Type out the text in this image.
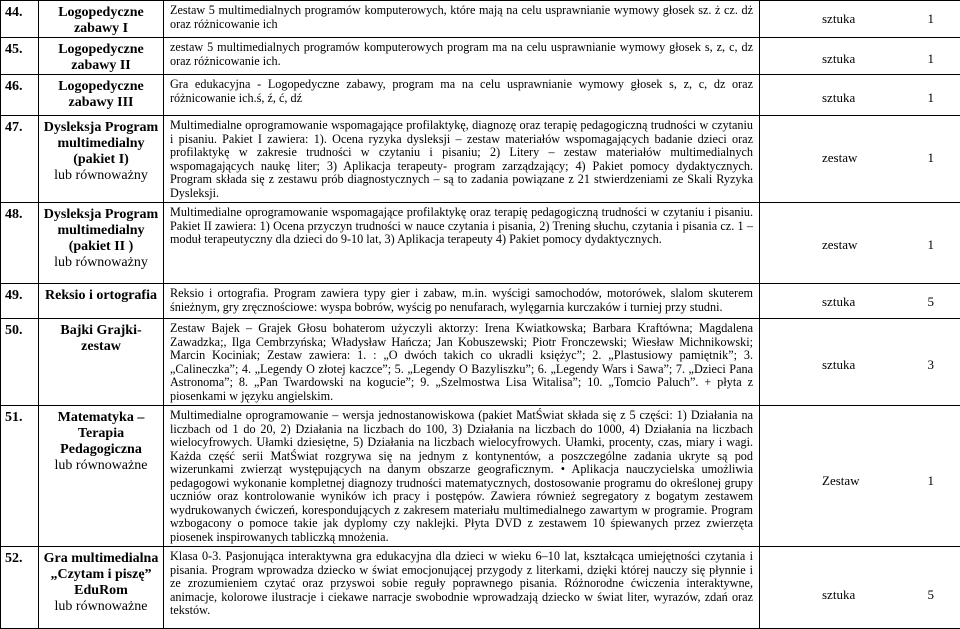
44.	Logopedyczne zabawy I	Zestaw 5 multimedialnych programów komputerowych, które mają na celu usprawnianie wymowy głosek sz. ż cz. dż oraz różnicowanie ich	sztuka 1

45.	Logopedyczne zabawy II	zestaw 5 multimedialnych programów komputerowych program ma na celu usprawnianie wymowy głosek s, z, c, dz oraz różnicowanie ich.	sztuka 1

46.	Logopedyczne zabawy III	Gra edukacyjna - Logopedyczne zabawy, program ma na celu usprawnianie wymowy głosek s, z, c, dz oraz różnicowanie ich.ś, ź, ć, dź	sztuka 1

47.	Dysleksja Program multimedialny (pakiet I)
lub równoważny	Multimedialne oprogramowanie wspomagające profilaktykę, diagnozę oraz terapię pedagogiczną trudności w czytaniu i pisaniu. Pakiet I zawiera: 1). Ocena ryzyka dysleksji – zestaw materiałów wspomagających badanie dzieci oraz profilaktykę w zakresie trudności w czytaniu i pisaniu; 2) Litery – zestaw materiałów multimedialnych wspomagających naukę liter; 3) Aplikacja terapeuty- program zarządzający; 4) Pakiet pomocy dydaktycznych. Program składa się z zestawu prób diagnostycznych – są to zadania powiązane z 21 stwierdzeniami ze Skali Ryzyka Dysleksji.	zestaw 1

48.	Dysleksja Program multimedialny (pakiet II )
lub równoważny	Multimedialne oprogramowanie wspomagające profilaktykę oraz terapię pedagogiczną trudności w czytaniu i pisaniu. Pakiet II zawiera: 1) Ocena przyczyn trudności w nauce czytania i pisania, 2) Trening słuchu, czytania i pisania cz. 1 – moduł terapeutyczny dla dzieci do 9-10 lat, 3) Aplikacja terapeuty 4) Pakiet pomocy dydaktycznych.	zestaw 1

49.	Reksio i ortografia	Reksio i ortografia. Program zawiera typy gier i zabaw, m.in. wyścigi samochodów, motorówek, slalom skuterem śnieżnym, gry zręcznościowe: wyspa bobrów, wyścig po nenufarach, wylęgarnia kurczaków i turniej przy studni.	sztuka 5

50.	Bajki Grajki- zestaw	Zestaw Bajek – Grajek Głosu bohaterom użyczyli aktorzy: Irena Kwiatkowska; Barbara Kraftówna; Magdalena Zawadzka;, Ilga Cembrzyńska; Władysław Hańcza; Jan Kobuszewski; Piotr Fronczewski; Wiesław Michnikowski; Marcin Kociniak; Zestaw zawiera: 1. : „O dwóch takich co ukradli księżyc”; 2. „Plastusiowy pamiętnik”; 3. „Calineczka”; 4. „Legendy O złotej kaczce”; 5. „Legendy O Bazyliszku”; 6. „Legendy Wars i Sawa”; 7. „Dzieci Pana Astronoma”; 8. „Pan Twardowski na kogucie”; 9. „Szelmostwa Lisa Witalisa”; 10. „Tomcio Paluch”. + płyta z piosenkami w języku angielskim.	sztuka 3

51.	Matematyka – Terapia Pedagogiczna
lub równoważne	Multimedialne oprogramowanie – wersja jednostanowiskowa (pakiet MatŚwiat składa się z 5 części: 1) Działania na liczbach od 1 do 20, 2) Działania na liczbach do 100, 3) Działania na liczbach do 1000, 4) Działania na liczbach wielocyfrowych. Ułamki dziesiętne, 5) Działania na liczbach wielocyfrowych. Ułamki, procenty, czas, miary i wagi. Każda część serii MatŚwiat rozgrywa się na jednym z kontynentów, a poszczególne zadania ukryte są pod wizerunkami zwierząt występujących na danym obszarze geograficznym. • Aplikacja nauczycielska umożliwia pedagogowi wykonanie kompletnej diagnozy trudności matematycznych, dostosowanie programu do określonej grupy uczniów oraz kontrolowanie wyników ich pracy i postępów. Zawiera również segregatory z bogatym zestawem wydrukowanych ćwiczeń, korespondujących z zakresem materiału multimedialnego zawartym w programie. Program wzbogacony o pomoce takie jak dyplomy czy naklejki. Płyta DVD z zestawem 10 śpiewanych przez zwierzęta piosenek inspirowanych tabliczką mnożenia.	Zestaw 1

52.	Gra multimedialna „Czytam i piszę” EduRom
lub równoważne	Klasa 0-3. Pasjonująca interaktywna gra edukacyjna dla dzieci w wieku 6–10 lat, kształcąca umiejętności czytania i pisania. Program wprowadza dziecko w świat emocjonującej przygody z literkami, dzięki której nauczy się płynnie i ze zrozumieniem czytać oraz przyswoi sobie reguły poprawnego pisania. Różnorodne ćwiczenia interaktywne, animacje, kolorowe ilustracje i ciekawe narracje swobodnie wprowadzają dziecko w świat liter, wyrazów, zdań oraz tekstów.	sztuka 5
